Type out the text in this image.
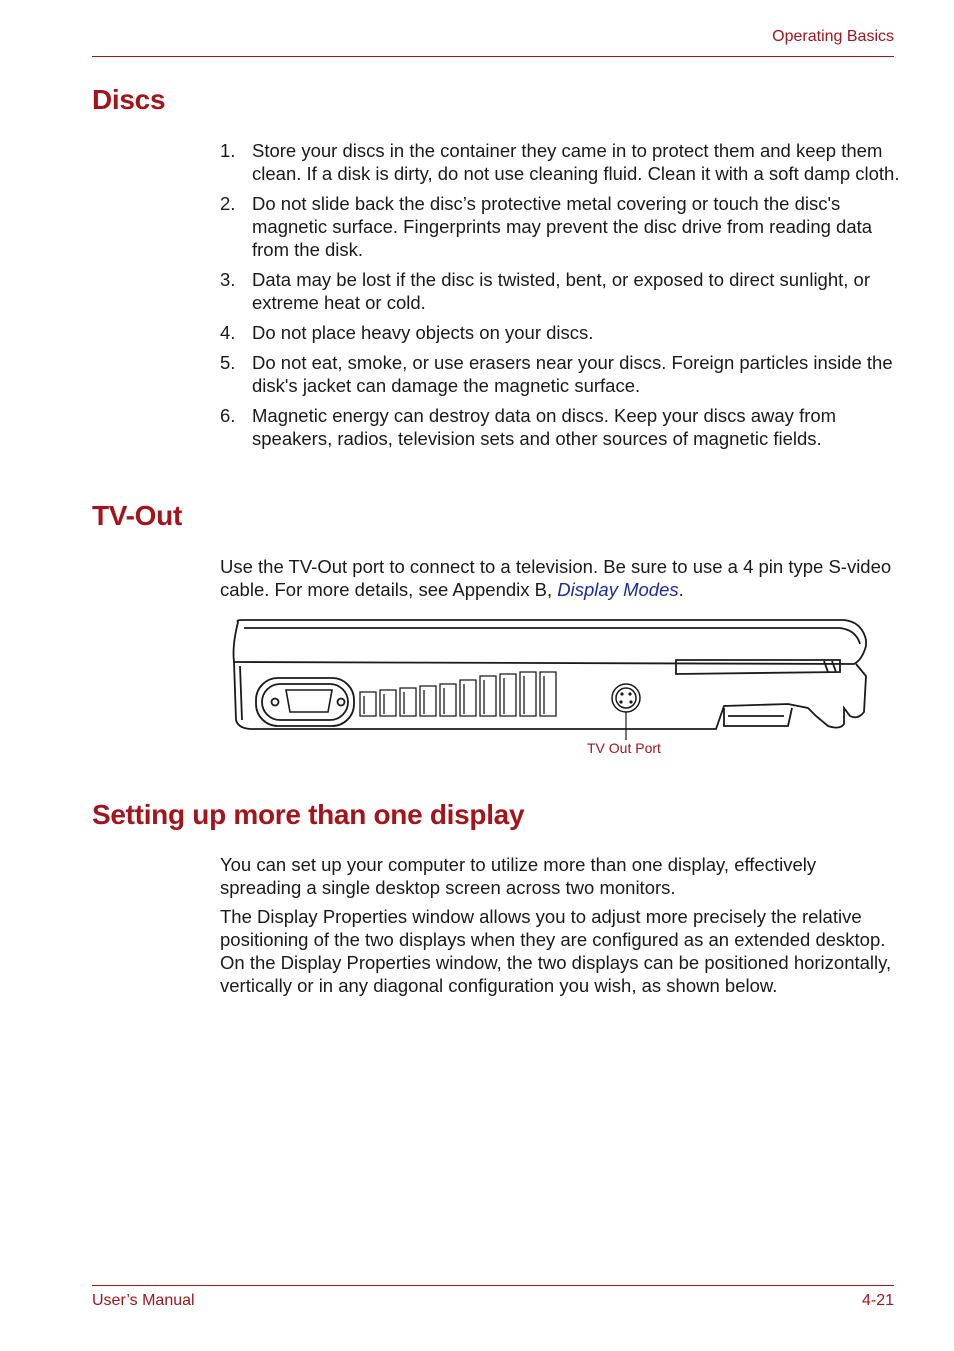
Operating Basics
Discs
1. Store your discs in the container they came in to protect them and keep them clean. If a disk is dirty, do not use cleaning fluid. Clean it with a soft damp cloth.
2. Do not slide back the disc’s protective metal covering or touch the disc's magnetic surface. Fingerprints may prevent the disc drive from reading data from the disk.
3. Data may be lost if the disc is twisted, bent, or exposed to direct sunlight, or extreme heat or cold.
4. Do not place heavy objects on your discs.
5. Do not eat, smoke, or use erasers near your discs. Foreign particles inside the disk's jacket can damage the magnetic surface.
6. Magnetic energy can destroy data on discs. Keep your discs away from speakers, radios, television sets and other sources of magnetic fields.
TV-Out

Use the TV-Out port to connect to a television. Be sure to use a 4 pin type S-video cable. For more details, see Appendix B, Display Modes.

TV Out Port
Setting up more than one display

You can set up your computer to utilize more than one display, effectively spreading a single desktop screen across two monitors.

The Display Properties window allows you to adjust more precisely the relative positioning of the two displays when they are configured as an extended desktop. On the Display Properties window, the two displays can be positioned horizontally, vertically or in any diagonal configuration you wish, as shown below.

User’s Manual	4-21
